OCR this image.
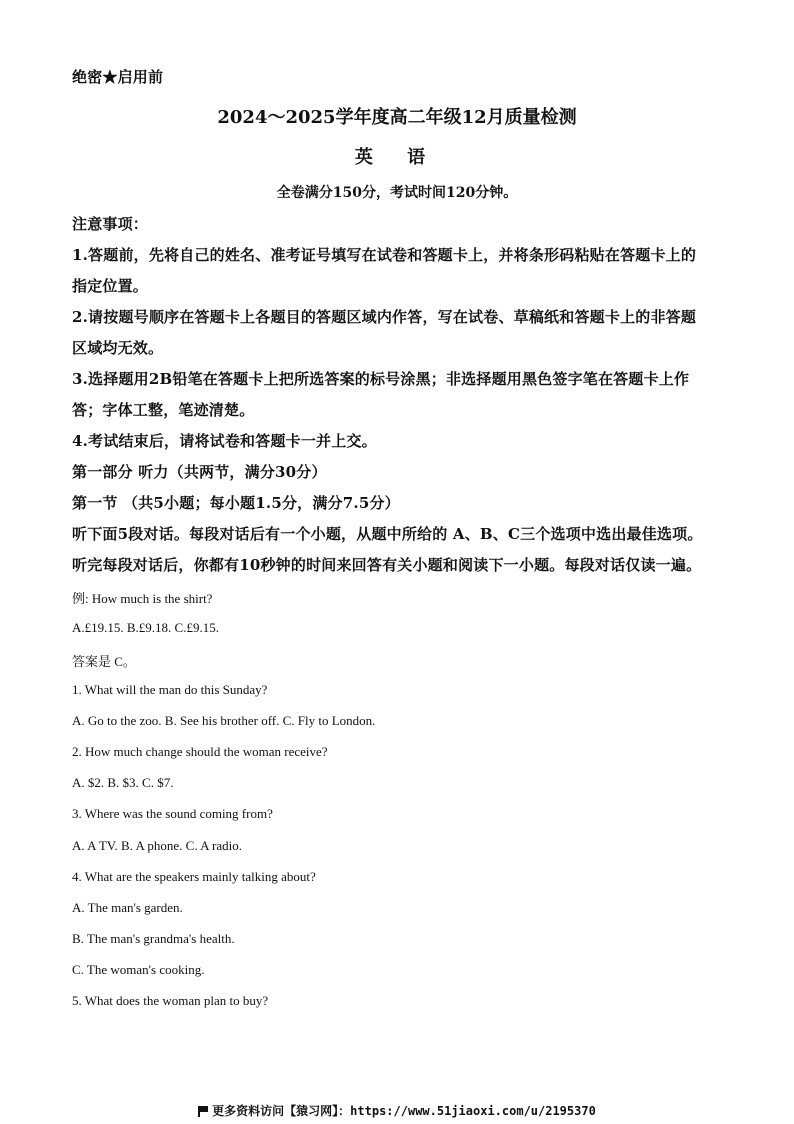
绝密★启用前
2024～2025学年度高二年级12月质量检测
英 语
全卷满分150分，考试时间120分钟。
注意事项：
1.答题前，先将自己的姓名、准考证号填写在试卷和答题卡上，并将条形码粘贴在答题卡上的
指定位置。
2.请按题号顺序在答题卡上各题目的答题区域内作答，写在试卷、草稿纸和答题卡上的非答题
区域均无效。
3.选择题用2B铅笔在答题卡上把所选答案的标号涂黑；非选择题用黑色签字笔在答题卡上作
答；字体工整，笔迹清楚。
4.考试结束后，请将试卷和答题卡一并上交。
第一部分 听力（共两节，满分30分）
第一节 （共5小题；每小题1.5分，满分7.5分）
听下面5段对话。每段对话后有一个小题，从题中所给的 A、B、C三个选项中选出最佳选项。
听完每段对话后，你都有10秒钟的时间来回答有关小题和阅读下一小题。每段对话仅读一遍。
例: How much is the shirt?
A.£19.15. B.£9.18. C.£9.15.
答案是 C。
1. What will the man do this Sunday?
A. Go to the zoo. B. See his brother off. C. Fly to London.
2. How much change should the woman receive?
A. $2. B. $3. C. $7.
3. Where was the sound coming from?
A. A TV. B. A phone. C. A radio.
4. What are the speakers mainly talking about?
A. The man's garden.
B. The man's grandma's health.
C. The woman's cooking.
5. What does the woman plan to buy?
更多资料访问【猿习网】：https://www.51jiaoxi.com/u/2195370
